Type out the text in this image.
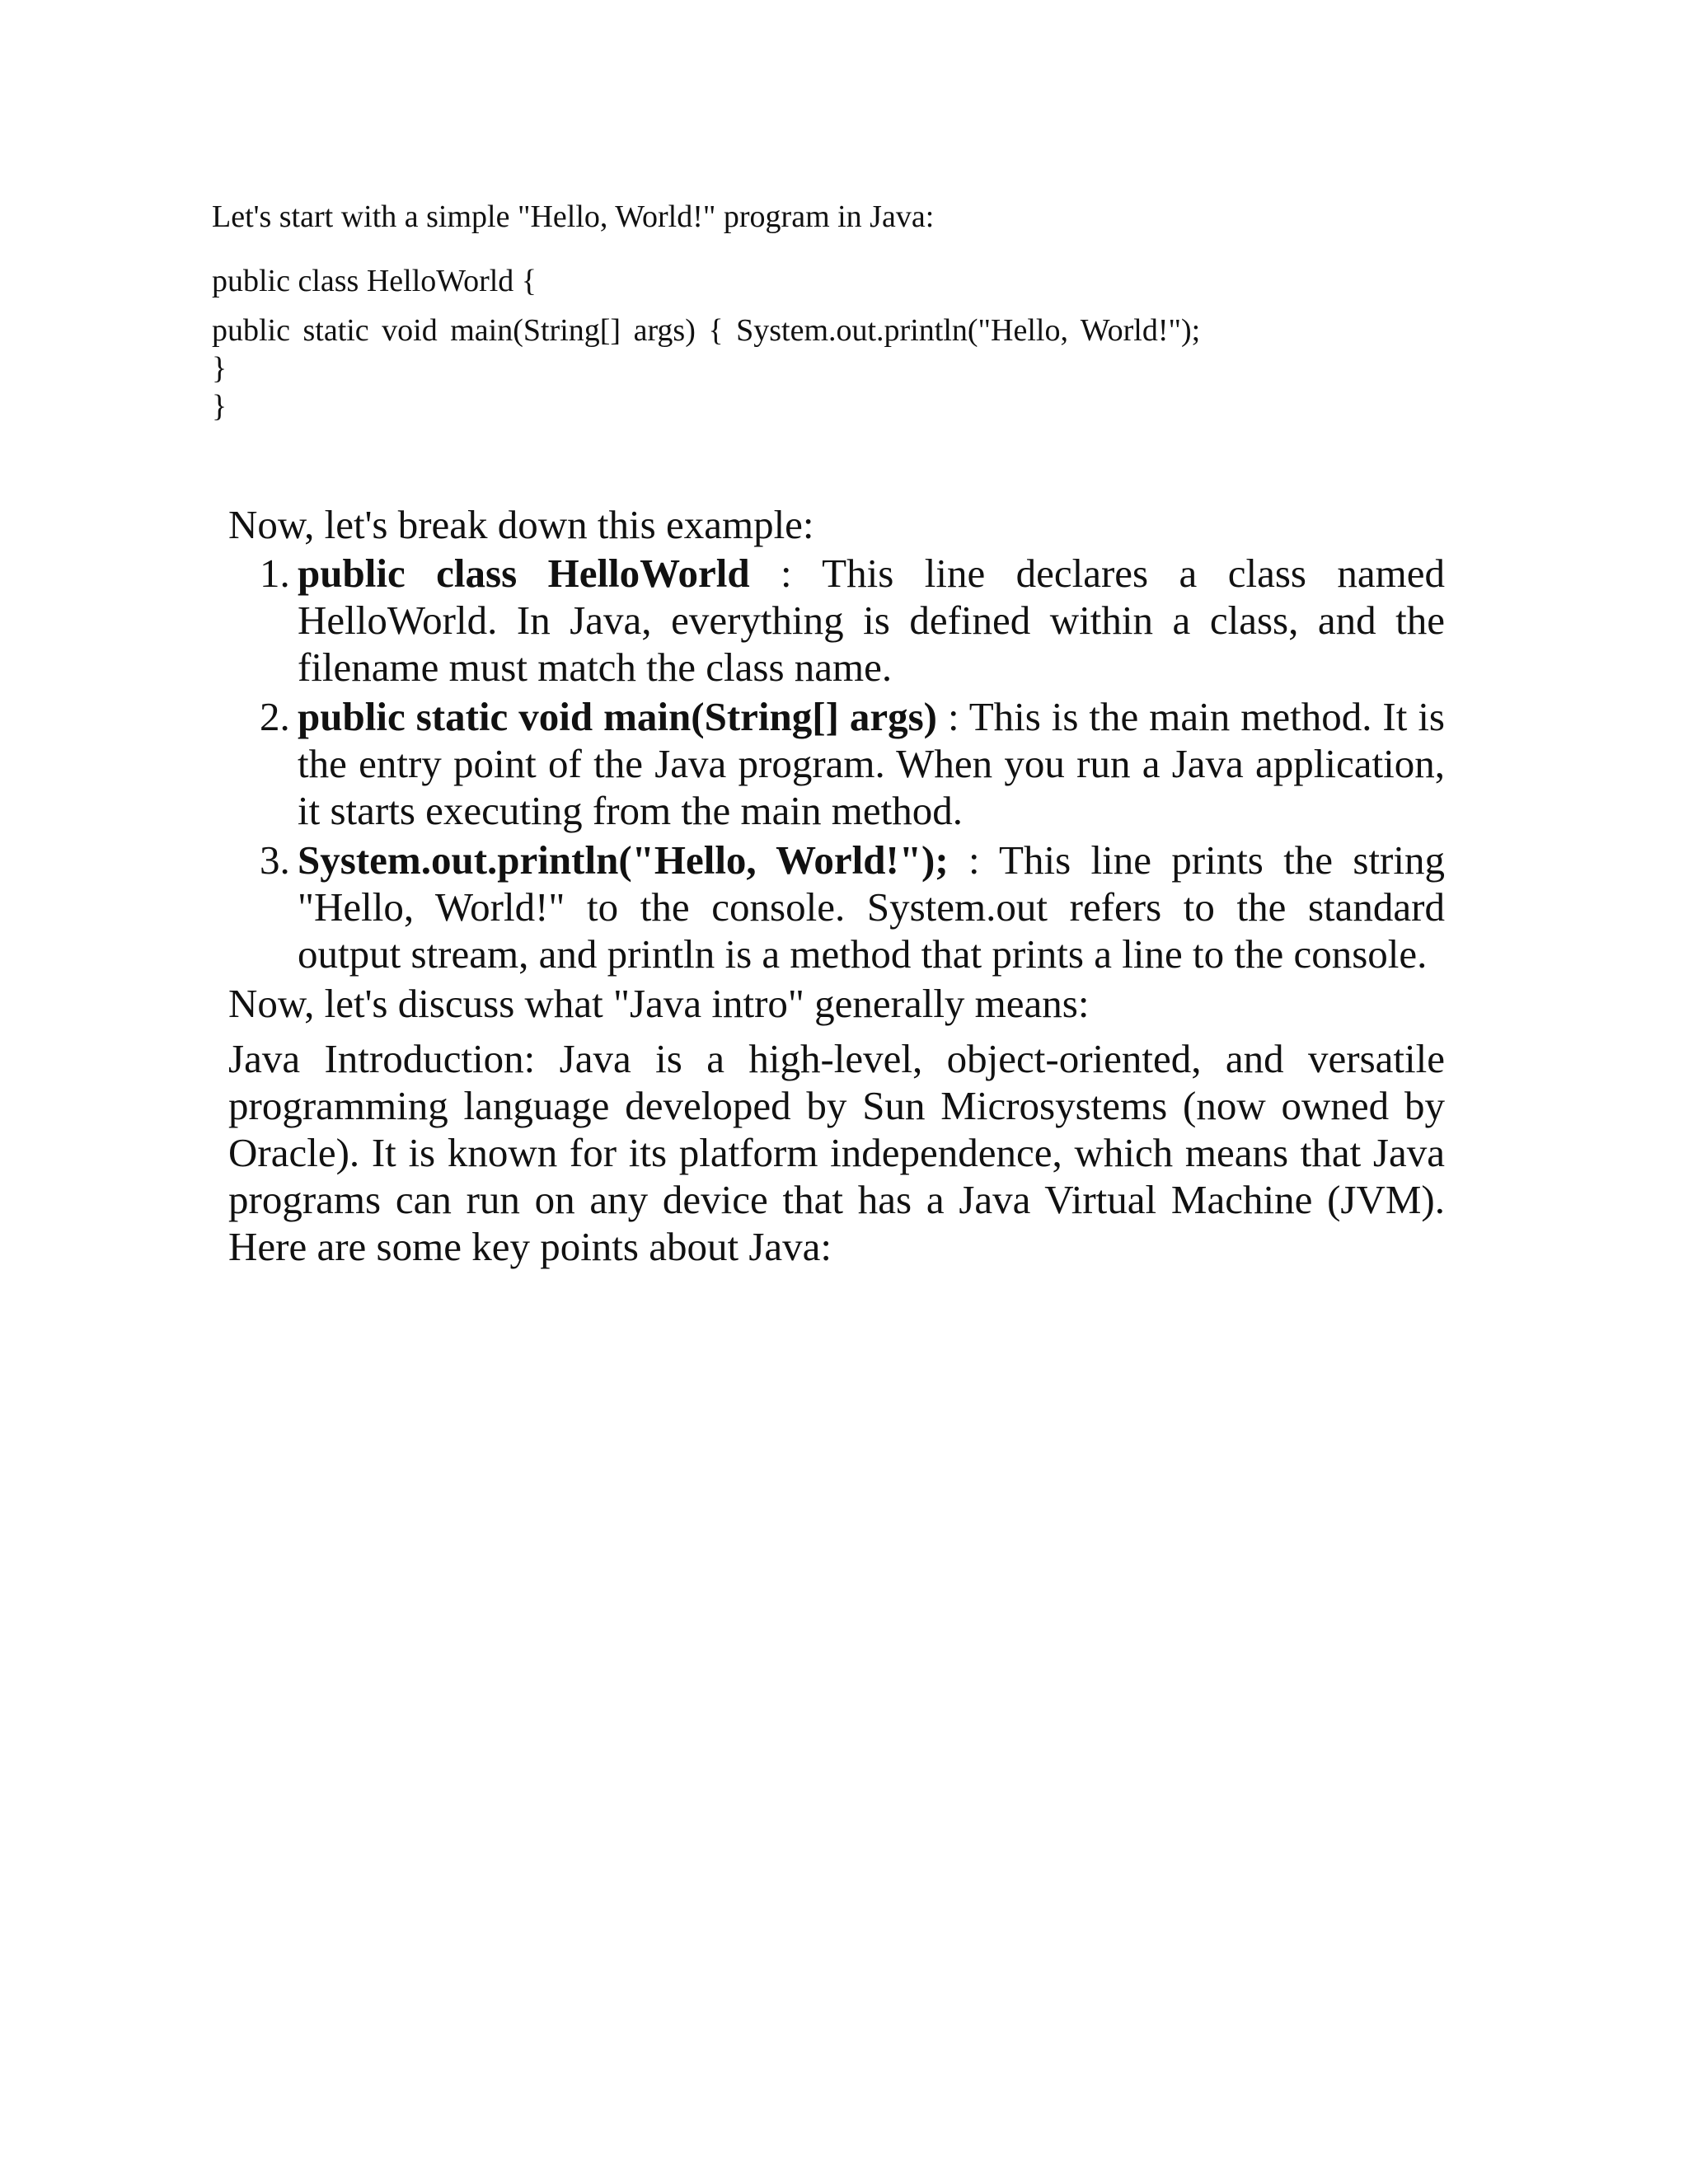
Let's start with a simple "Hello, World!" program in Java:
public class HelloWorld {
public static void main(String[] args) { System.out.println("Hello, World!");
}
}

Now, let's break down this example:

1. public class HelloWorld : This line declares a class named HelloWorld. In Java, everything is defined within a class, and the filename must match the class name.
2. public static void main(String[] args) : This is the main method. It is the entry point of the Java program. When you run a Java application, it starts executing from the main method.
3. System.out.println("Hello, World!"); : This line prints the string "Hello, World!" to the console. System.out refers to the standard output stream, and println is a method that prints a line to the console.

Now, let's discuss what "Java intro" generally means:

Java Introduction: Java is a high-level, object-oriented, and versatile programming language developed by Sun Microsystems (now owned by Oracle). It is known for its platform independence, which means that Java programs can run on any device that has a Java Virtual Machine (JVM). Here are some key points about Java:
